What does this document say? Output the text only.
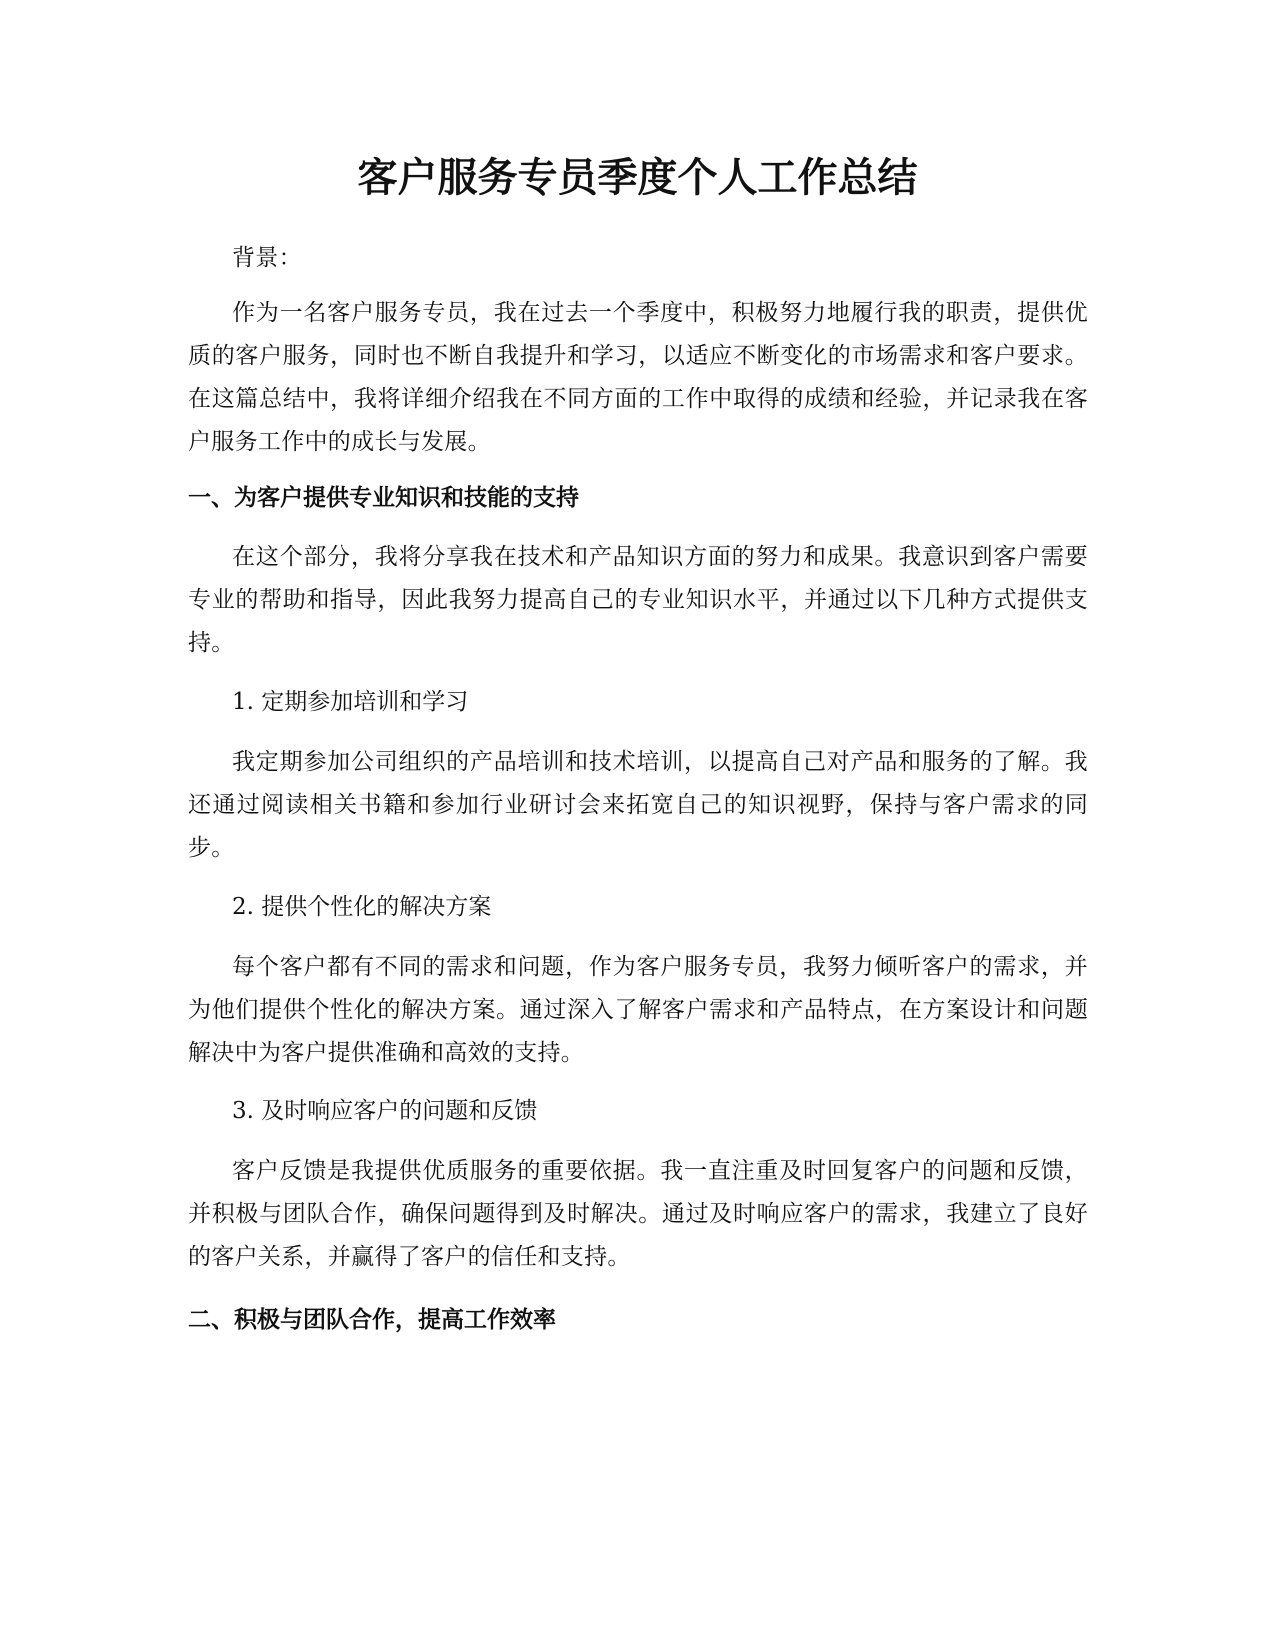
客户服务专员季度个人工作总结

背景：

作为一名客户服务专员，我在过去一个季度中，积极努力地履行我的职责，提供优质的客户服务，同时也不断自我提升和学习，以适应不断变化的市场需求和客户要求。在这篇总结中，我将详细介绍我在不同方面的工作中取得的成绩和经验，并记录我在客户服务工作中的成长与发展。

一、为客户提供专业知识和技能的支持

在这个部分，我将分享我在技术和产品知识方面的努力和成果。我意识到客户需要专业的帮助和指导，因此我努力提高自己的专业知识水平，并通过以下几种方式提供支持。

1. 定期参加培训和学习

我定期参加公司组织的产品培训和技术培训，以提高自己对产品和服务的了解。我还通过阅读相关书籍和参加行业研讨会来拓宽自己的知识视野，保持与客户需求的同步。

2. 提供个性化的解决方案

每个客户都有不同的需求和问题，作为客户服务专员，我努力倾听客户的需求，并为他们提供个性化的解决方案。通过深入了解客户需求和产品特点，在方案设计和问题解决中为客户提供准确和高效的支持。

3. 及时响应客户的问题和反馈

客户反馈是我提供优质服务的重要依据。我一直注重及时回复客户的问题和反馈，并积极与团队合作，确保问题得到及时解决。通过及时响应客户的需求，我建立了良好的客户关系，并赢得了客户的信任和支持。

二、积极与团队合作，提高工作效率
